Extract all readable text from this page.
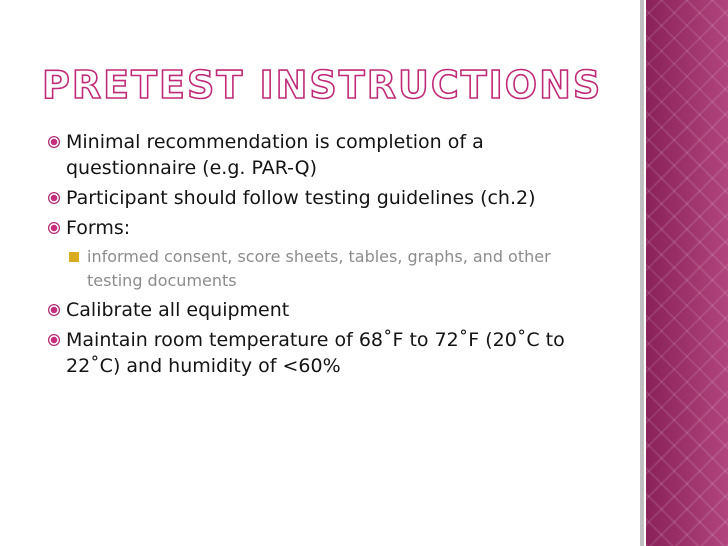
PRETEST INSTRUCTIONS
Minimal recommendation is completion of a questionnaire (e.g. PAR-Q)
Participant should follow testing guidelines (ch.2)
Forms:
informed consent, score sheets, tables, graphs, and other testing documents
Calibrate all equipment
Maintain room temperature of 68˚F to 72˚F (20˚C to 22˚C) and humidity of <60%
